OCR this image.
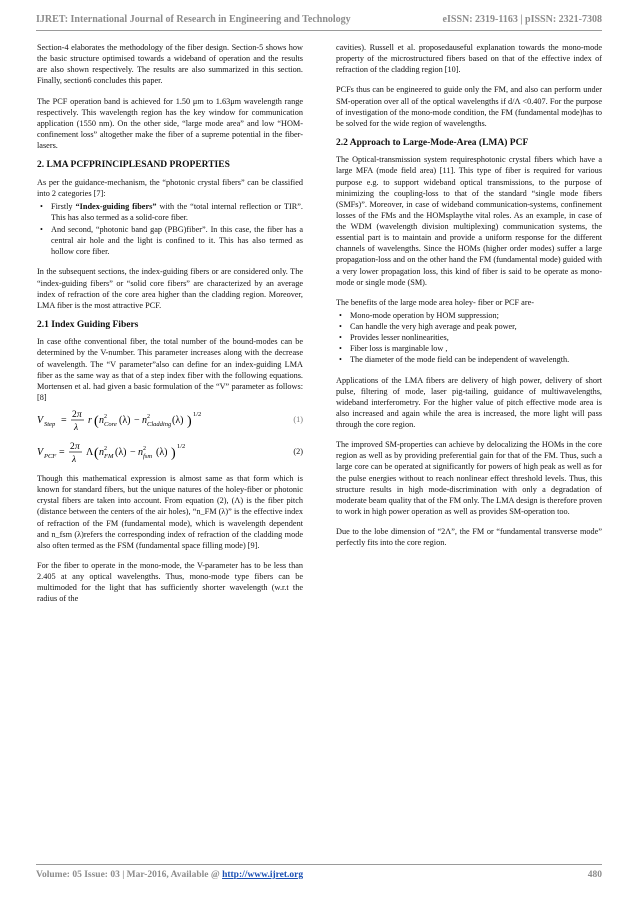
IJRET: International Journal of Research in Engineering and Technology	eISSN: 2319-1163 | pISSN: 2321-7308

Section-4 elaborates the methodology of the fiber design. Section-5 shows how the basic structure optimised towards a wideband of operation and the results are also shown respectively. The results are also summarized in this section. Finally, section6 concludes this paper.

The PCF operation band is achieved for 1.50 μm to 1.63μm wavelength range respectively. This wavelength region has the key window for communication application (1550 nm). On the other side, “large mode area” and low “HOM-confinement loss” altogether make the fiber of a supreme potential in the fiber-lasers.

2. LMA PCFPRINCIPLESAND PROPERTIES

As per the guidance-mechanism, the “photonic crystal fibers” can be classified into 2 categories [7]:

• Firstly “Index-guiding fibers” with the “total internal reflection or TIR”. This has also termed as a solid-core fiber.
• And second, “photonic band gap (PBG)fiber”. In this case, the fiber has a central air hole and the light is confined to it. This has also termed as hollow core fiber.

In the subsequent sections, the index-guiding fibers or are considered only. The “index-guiding fibers” or “solid core fibers” are characterized by an average index of refraction of the core area higher than the cladding region. Moreover, LMA fiber is the most attractive PCF.

2.1 Index Guiding Fibers

In case ofthe conventional fiber, the total number of the bound-modes can be determined by the V-number. This parameter increases along with the decrease of wavelength. The “V parameter”also can define for an index-guiding LMA fiber as the same way as that of a step index fiber with the following equations. Mortensen et al. had given a basic formulation of the “V” parameter as follows: [8]

V Step = 2 π
λ
r ( n 2
Core (λ) − n 2
Cladding (λ) ) 1/2
(1)
V PCF = 2 π
λ
Λ ( n 2
FM (λ) − n 2
fsm (λ) ) 1/2
(2)

Though this mathematical expression is almost same as that form which is known for standard fibers, but the unique natures of the holey-fiber or photonic crystal fibers are taken into account. From equation (2), (Λ) is the fiber pitch (distance between the centers of the air holes), “n_FM (λ)” is the effective index of refraction of the FM (fundamental mode), which is wavelength dependent and n_fsm (λ)refers the corresponding index of refraction of the cladding mode also often termed as the FSM (fundamental space filling mode) [9].

For the fiber to operate in the mono-mode, the V-parameter has to be less than 2.405 at any optical wavelengths. Thus, mono-mode type fibers can be multimoded for the light that has sufficiently shorter wavelength (w.r.t the radius of the

cavities). Russell et al. proposedauseful explanation towards the mono-mode property of the microstructured fibers based on that of the effective index of refraction of the cladding region [10].

PCFs thus can be engineered to guide only the FM, and also can perform under SM-operation over all of the optical wavelengths if d/Λ <0.407. For the purpose of investigation of the mono-mode condition, the FM (fundamental mode)has to be solved for the wide region of wavelengths.

2.2 Approach to Large-Mode-Area (LMA) PCF

The Optical-transmission system requiresphotonic crystal fibers which have a large MFA (mode field area) [11]. This type of fiber is required for various purpose e.g. to support wideband optical transmissions, to the purpose of minimizing the coupling-loss to that of the standard “single mode fibers (SMFs)”. Moreover, in case of wideband communication-systems, confinement losses of the FMs and the HOMsplaythe vital roles. As an example, in case of the WDM (wavelength division multiplexing) communication systems, the essential part is to maintain and provide a uniform response for the different channels of wavelengths. Since the HOMs (higher order modes) suffer a large propagation-loss and on the other hand the FM (fundamental mode) guided with a very lower propagation loss, this kind of fiber is said to be operate as mono-mode or single mode (SM).

The benefits of the large mode area holey- fiber or PCF are-

• Mono-mode operation by HOM suppression;
• Can handle the very high average and peak power,
• Provides lesser nonlinearities,
• Fiber loss is marginable low ,
• The diameter of the mode field can be independent of wavelength.

Applications of the LMA fibers are delivery of high power, delivery of short pulse, filtering of mode, laser pig-tailing, guidance of multiwavelengths, wideband interferometry. For the higher value of pitch effective mode area is also increased and again while the area is increased, the more light will pass through the core region.

The improved SM-properties can achieve by delocalizing the HOMs in the core region as well as by providing preferential gain for that of the FM. Thus, such a large core can be operated at significantly for powers of high peak as well as for the pulse energies without to reach nonlinear effect threshold levels. Thus, this structure results in high mode-discrimination with only a degradation of moderate beam quality that of the FM only. The LMA design is therefore proven to work in high power operation as well as provides SM-operation too.

Due to the lobe dimension of “2Λ”, the FM or “fundamental transverse mode” perfectly fits into the core region.

Volume: 05 Issue: 03 | Mar-2016, Available @ http://www.ijret.org	480
